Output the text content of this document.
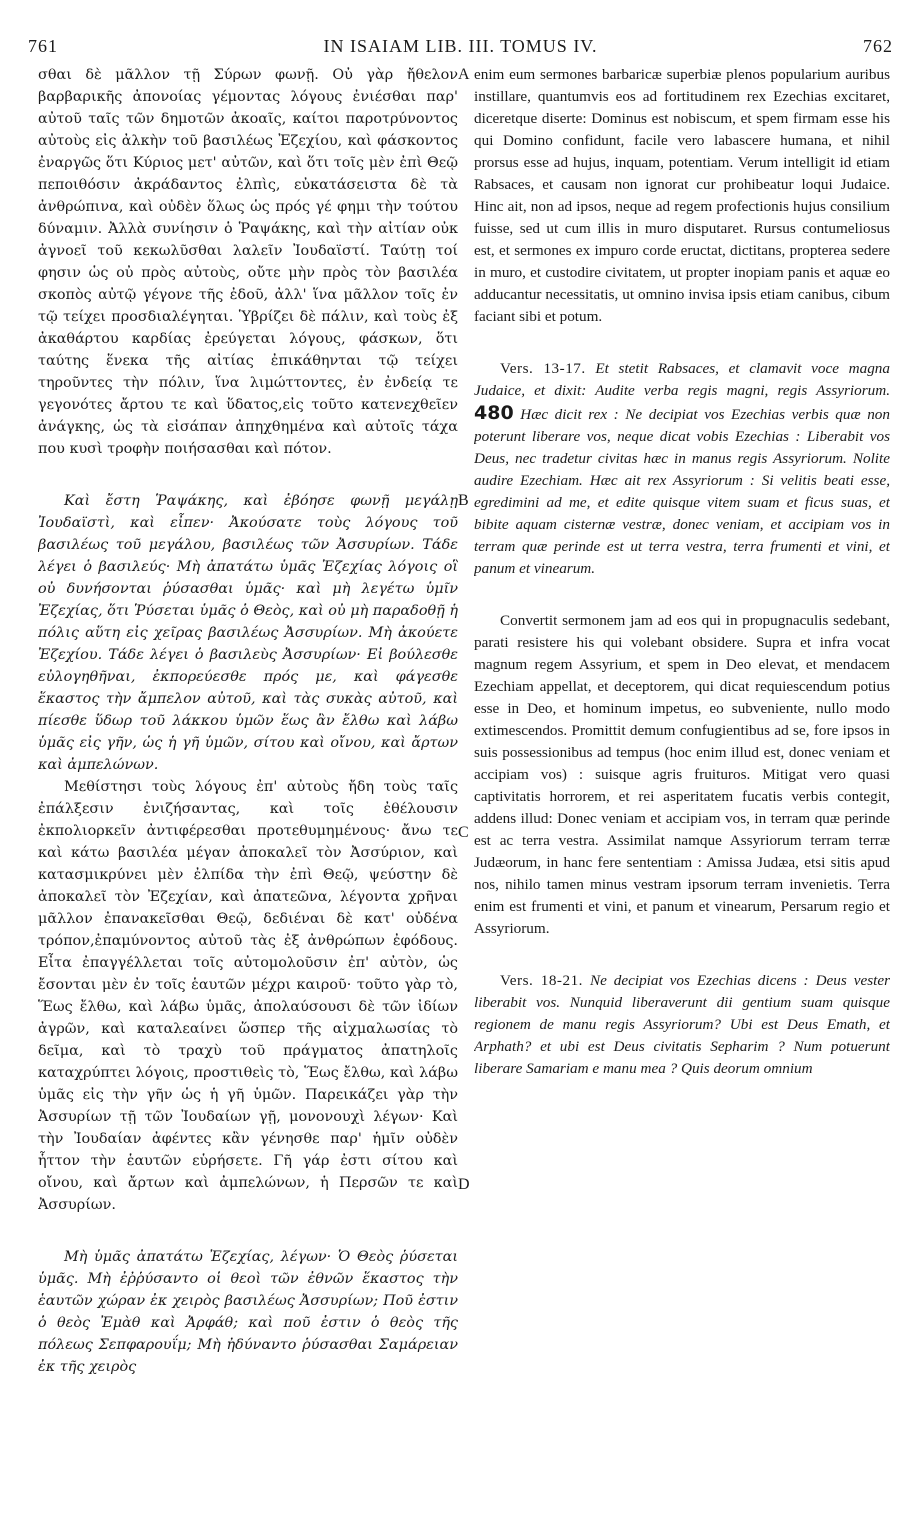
761	IN ISAIAM LIB. III. TOMUS IV.	762
A
B
C
D

σθαι δὲ μᾶλλον τῇ Σύρων φωνῇ. Οὐ γὰρ ἤθελον βαρβαρικῆς ἀπονοίας γέμοντας λόγους ἐνιέσθαι παρ' αὐτοῦ ταῖς τῶν δημοτῶν ἀκοαῖς, καίτοι παροτρύνοντος αὐτοὺς εἰς ἀλκὴν τοῦ βασιλέως Ἐζεχίου, καὶ φάσκοντος ἐναργῶς ὅτι Κύριος μετ' αὐτῶν, καὶ ὅτι τοῖς μὲν ἐπὶ Θεῷ πεποιθόσιν ἀκράδαντος ἐλπὶς, εὐκατάσειστα δὲ τὰ ἀνθρώπινα, καὶ οὐδὲν ὅλως ὡς πρός γέ φημι τὴν τούτου δύναμιν. Ἀλλὰ συνίησιν ὁ Ῥαψάκης, καὶ τὴν αἰτίαν οὐκ ἀγνοεῖ τοῦ κεκωλῦσθαι λαλεῖν Ἰουδαϊστί. Ταύτῃ τοί φησιν ὡς οὐ πρὸς αὐτοὺς, οὔτε μὴν πρὸς τὸν βασιλέα σκοπὸς αὐτῷ γέγονε τῆς ἐδοῦ, ἀλλ' ἵνα μᾶλλον τοῖς ἐν τῷ τείχει προσδιαλέγηται. Ὑβρίζει δὲ πάλιν, καὶ τοὺς ἐξ ἀκαθάρτου καρδίας ἐρεύγεται λόγους, φάσκων, ὅτι ταύτης ἕνεκα τῆς αἰτίας ἐπικάθηνται τῷ τείχει τηροῦντες τὴν πόλιν, ἵνα λιμώττοντες, ἐν ἐνδείᾳ τε γεγονότες ἄρτου τε καὶ ὕδατος,εἰς τοῦτο κατενεχθεῖεν ἀνάγκης, ὡς τὰ εἰσάπαν ἀπηχθημένα καὶ αὐτοῖς τάχα που κυσὶ τροφὴν ποιήσασθαι καὶ πότον.

Καὶ ἔστη Ῥαψάκης, καὶ ἐβόησε φωνῇ μεγάλῃ Ἰουδαϊστὶ, καὶ εἶπεν· Ἀκούσατε τοὺς λόγους τοῦ βασιλέως τοῦ μεγάλου, βασιλέως τῶν Ἀσσυρίων. Τάδε λέγει ὁ βασιλεύς· Μὴ ἀπατάτω ὑμᾶς Ἐζεχίας λόγοις οἳ οὐ δυνήσονται ῥύσασθαι ὑμᾶς· καὶ μὴ λεγέτω ὑμῖν Ἐζεχίας, ὅτι Ῥύσεται ὑμᾶς ὁ Θεὸς, καὶ οὐ μὴ παραδοθῇ ἡ πόλις αὕτη εἰς χεῖρας βασιλέως Ἀσσυρίων. Μὴ ἀκούετε Ἐζεχίου. Τάδε λέγει ὁ βασιλεὺς Ἀσσυρίων· Εἰ βούλεσθε εὐλογηθῆναι, ἐκπορεύεσθε πρός με, καὶ φάγεσθε ἕκαστος τὴν ἄμπελον αὐτοῦ, καὶ τὰς συκὰς αὐτοῦ, καὶ πίεσθε ὕδωρ τοῦ λάκκου ὑμῶν ἕως ἂν ἔλθω καὶ λάβω ὑμᾶς εἰς γῆν, ὡς ἡ γῆ ὑμῶν, σίτου καὶ οἴνου, καὶ ἄρτων καὶ ἀμπελώνων.

Μεθίστησι τοὺς λόγους ἐπ' αὐτοὺς ἤδη τοὺς ταῖς ἐπάλξεσιν ἐνιζήσαντας, καὶ τοῖς ἐθέλουσιν ἐκπολιορκεῖν ἀντιφέρεσθαι προτεθυμημένους· ἄνω τε καὶ κάτω βασιλέα μέγαν ἀποκαλεῖ τὸν Ἀσσύριον, καὶ κατασμικρύνει μὲν ἐλπίδα τὴν ἐπὶ Θεῷ, ψεύστην δὲ ἀποκαλεῖ τὸν Ἐζεχίαν, καὶ ἀπατεῶνα, λέγοντα χρῆναι μᾶλλον ἐπανακεῖσθαι Θεῷ, δεδιέναι δὲ κατ' οὐδένα τρόπον,ἐπαμύνοντος αὐτοῦ τὰς ἐξ ἀνθρώπων ἐφόδους. Εἶτα ἐπαγγέλλεται τοῖς αὐτομολοῦσιν ἐπ' αὐτὸν, ὡς ἔσονται μὲν ἐν τοῖς ἑαυτῶν μέχρι καιροῦ· τοῦτο γὰρ τὸ, Ἕως ἔλθω, καὶ λάβω ὑμᾶς, ἀπολαύσουσι δὲ τῶν ἰδίων ἀγρῶν, καὶ καταλεαίνει ὥσπερ τῆς αἰχμαλωσίας τὸ δεῖμα, καὶ τὸ τραχὺ τοῦ πράγματος ἀπατηλοῖς καταχρύπτει λόγοις, προστιθεὶς τὸ, Ἕως ἔλθω, καὶ λάβω ὑμᾶς εἰς τὴν γῆν ὡς ἡ γῆ ὑμῶν. Παρεικάζει γὰρ τὴν Ἀσσυρίων τῇ τῶν Ἰουδαίων γῇ, μονονουχὶ λέγων· Καὶ τὴν Ἰουδαίαν ἀφέντες κἂν γένησθε παρ' ἡμῖν οὐδὲν ἧττον τὴν ἑαυτῶν εὑρήσετε. Γῆ γάρ ἐστι σίτου καὶ οἴνου, καὶ ἄρτων καὶ ἀμπελώνων, ἡ Περσῶν τε καὶ Ἀσσυρίων.

Μὴ ὑμᾶς ἀπατάτω Ἐζεχίας, λέγων· Ὁ Θεὸς ῥύσεται ὑμᾶς. Μὴ ἐῤῥύσαντο οἱ θεοὶ τῶν ἐθνῶν ἕκαστος τὴν ἑαυτῶν χώραν ἐκ χειρὸς βασιλέως Ἀσσυρίων; Ποῦ ἐστιν ὁ θεὸς Ἐμὰθ καὶ Ἀρφάθ; καὶ ποῦ ἐστιν ὁ θεὸς τῆς πόλεως Σεπφαρουΐμ; Μὴ ἠδύναντο ῥύσασθαι Σαμάρειαν ἐκ τῆς χειρὸς

enim eum sermones barbaricæ superbiæ plenos popularium auribus instillare, quantumvis eos ad fortitudinem rex Ezechias excitaret, diceretque diserte: Dominus est nobiscum, et spem firmam esse his qui Domino confidunt, facile vero labascere humana, et nihil prorsus esse ad hujus, inquam, potentiam. Verum intelligit id etiam Rabsaces, et causam non ignorat cur prohibeatur loqui Judaice. Hinc ait, non ad ipsos, neque ad regem profectionis hujus consilium fuisse, sed ut cum illis in muro disputaret. Rursus contumeliosus est, et sermones ex impuro corde eructat, dictitans, propterea sedere in muro, et custodire civitatem, ut propter inopiam panis et aquæ eo adducantur necessitatis, ut omnino invisa ipsis etiam canibus, cibum faciant sibi et potum.

Vers. 13-17. Et stetit Rabsaces, et clamavit voce magna Judaice, et dixit: Audite verba regis magni, regis Assyriorum. 480 Hæc dicit rex : Ne decipiat vos Ezechias verbis quæ non poterunt liberare vos, neque dicat vobis Ezechias : Liberabit vos Deus, nec tradetur civitas hæc in manus regis Assyriorum. Nolite audire Ezechiam. Hæc ait rex Assyriorum : Si velitis beati esse, egredimini ad me, et edite quisque vitem suam et ficus suas, et bibite aquam cisternæ vestræ, donec veniam, et accipiam vos in terram quæ perinde est ut terra vestra, terra frumenti et vini, et panum et vinearum.

Convertit sermonem jam ad eos qui in propugnaculis sedebant, parati resistere his qui volebant obsidere. Supra et infra vocat magnum regem Assyrium, et spem in Deo elevat, et mendacem Ezechiam appellat, et deceptorem, qui dicat requiescendum potius esse in Deo, et hominum impetus, eo subveniente, nullo modo extimescendos. Promittit demum confugientibus ad se, fore ipsos in suis possessionibus ad tempus (hoc enim illud est, donec veniam et accipiam vos) : suisque agris fruituros. Mitigat vero quasi captivitatis horrorem, et rei asperitatem fucatis verbis contegit, addens illud: Donec veniam et accipiam vos, in terram quæ perinde est ac terra vestra. Assimilat namque Assyriorum terram terræ Judæorum, in hanc fere sententiam : Amissa Judæa, etsi sitis apud nos, nihilo tamen minus vestram ipsorum terram invenietis. Terra enim est frumenti et vini, et panum et vinearum, Persarum regio et Assyriorum.

Vers. 18-21. Ne decipiat vos Ezechias dicens : Deus vester liberabit vos. Nunquid liberaverunt dii gentium suam quisque regionem de manu regis Assyriorum? Ubi est Deus Emath, et Arphath? et ubi est Deus civitatis Sepharim ? Num potuerunt liberare Samariam e manu mea ? Quis deorum omnium
